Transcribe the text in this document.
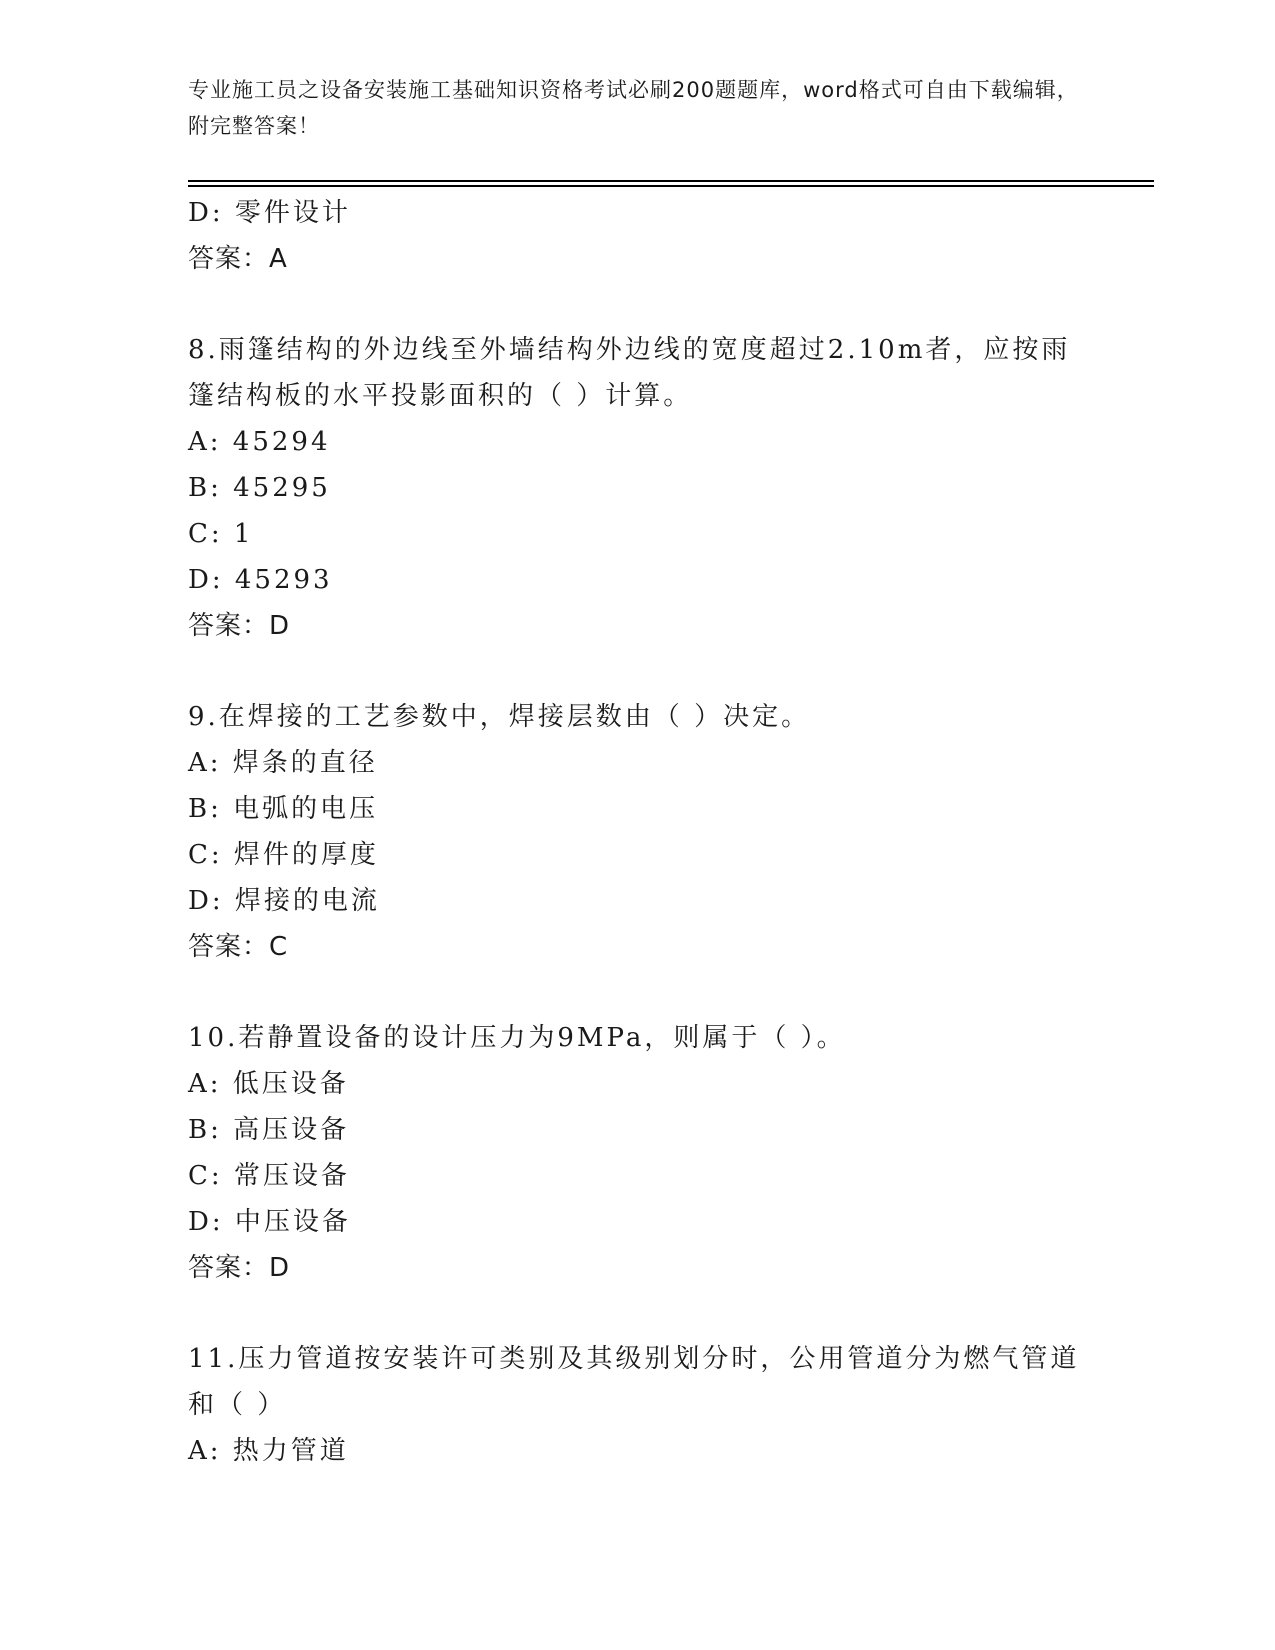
专业施工员之设备安装施工基础知识资格考试必刷200题题库，word格式可自由下载编辑，附完整答案！
D: 零件设计
答案：A
8.雨篷结构的外边线至外墙结构外边线的宽度超过2.10m者，应按雨篷结构板的水平投影面积的（ ）计算。
A: 45294
B: 45295
C: 1
D: 45293
答案：D
9.在焊接的工艺参数中，焊接层数由（ ）决定。
A: 焊条的直径
B: 电弧的电压
C: 焊件的厚度
D: 焊接的电流
答案：C
10.若静置设备的设计压力为9MPa，则属于（ ）。
A: 低压设备
B: 高压设备
C: 常压设备
D: 中压设备
答案：D
11.压力管道按安装许可类别及其级别划分时，公用管道分为燃气管道和（ ）
A: 热力管道
